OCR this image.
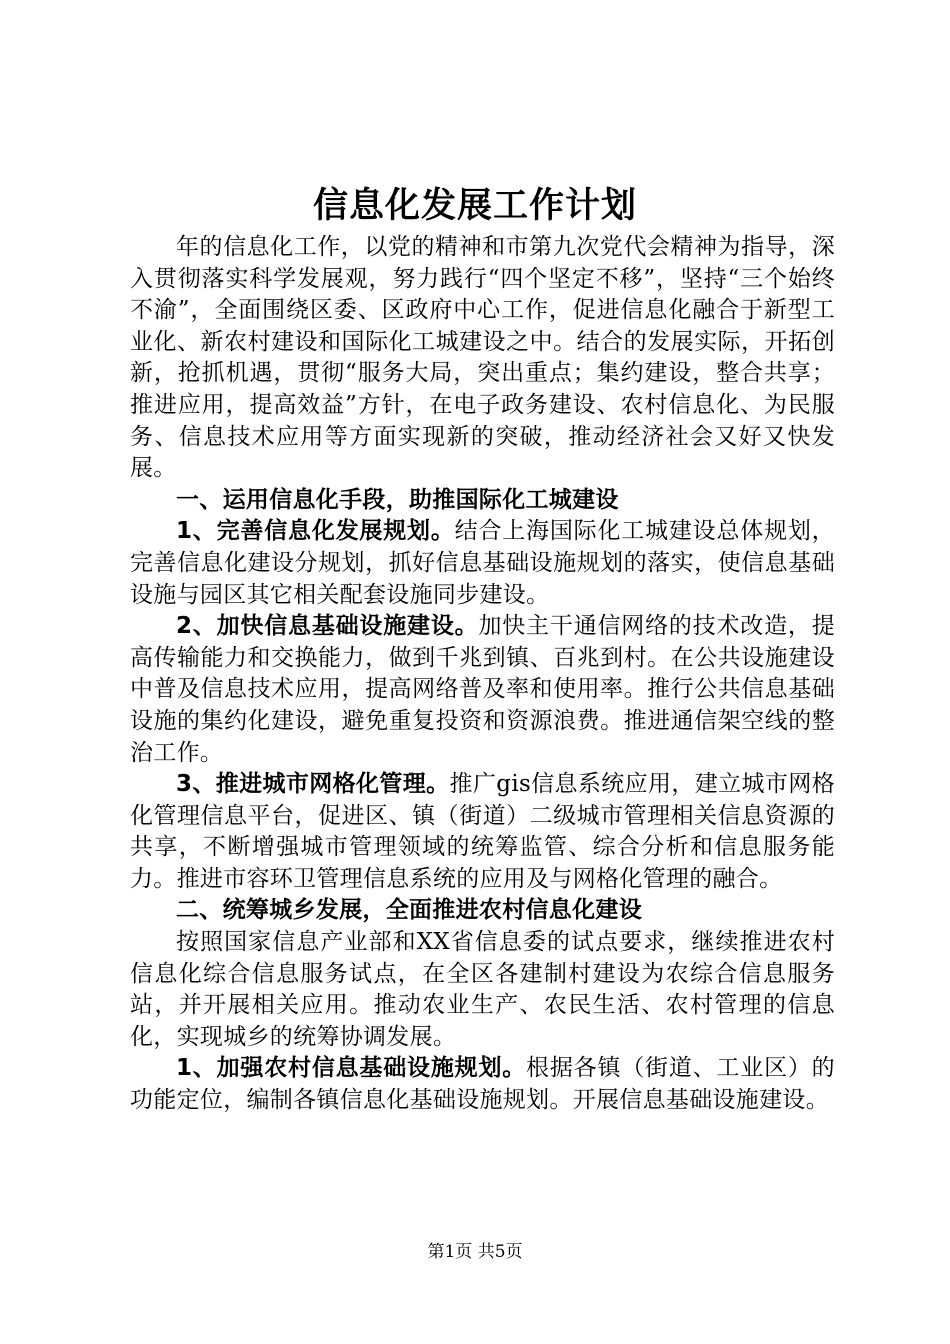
信息化发展工作计划

年的信息化工作，以党的精神和市第九次党代会精神为指导，深入贯彻落实科学发展观，努力践行“四个坚定不移”，坚持“三个始终不渝”，全面围绕区委、区政府中心工作，促进信息化融合于新型工业化、新农村建设和国际化工城建设之中。结合的发展实际，开拓创新，抢抓机遇，贯彻“服务大局，突出重点；集约建设，整合共享；推进应用，提高效益”方针，在电子政务建设、农村信息化、为民服务、信息技术应用等方面实现新的突破，推动经济社会又好又快发展。

一、运用信息化手段，助推国际化工城建设

1、完善信息化发展规划。结合上海国际化工城建设总体规划，完善信息化建设分规划，抓好信息基础设施规划的落实，使信息基础设施与园区其它相关配套设施同步建设。

2、加快信息基础设施建设。加快主干通信网络的技术改造，提高传输能力和交换能力，做到千兆到镇、百兆到村。在公共设施建设中普及信息技术应用，提高网络普及率和使用率。推行公共信息基础设施的集约化建设，避免重复投资和资源浪费。推进通信架空线的整治工作。

3、推进城市网格化管理。推广gis信息系统应用，建立城市网格化管理信息平台，促进区、镇（街道）二级城市管理相关信息资源的共享，不断增强城市管理领域的统筹监管、综合分析和信息服务能力。推进市容环卫管理信息系统的应用及与网格化管理的融合。

二、统筹城乡发展，全面推进农村信息化建设

按照国家信息产业部和XX省信息委的试点要求，继续推进农村信息化综合信息服务试点，在全区各建制村建设为农综合信息服务站，并开展相关应用。推动农业生产、农民生活、农村管理的信息化，实现城乡的统筹协调发展。

1、加强农村信息基础设施规划。根据各镇（街道、工业区）的功能定位，编制各镇信息化基础设施规划。开展信息基础设施建设。

第1页 共5页
